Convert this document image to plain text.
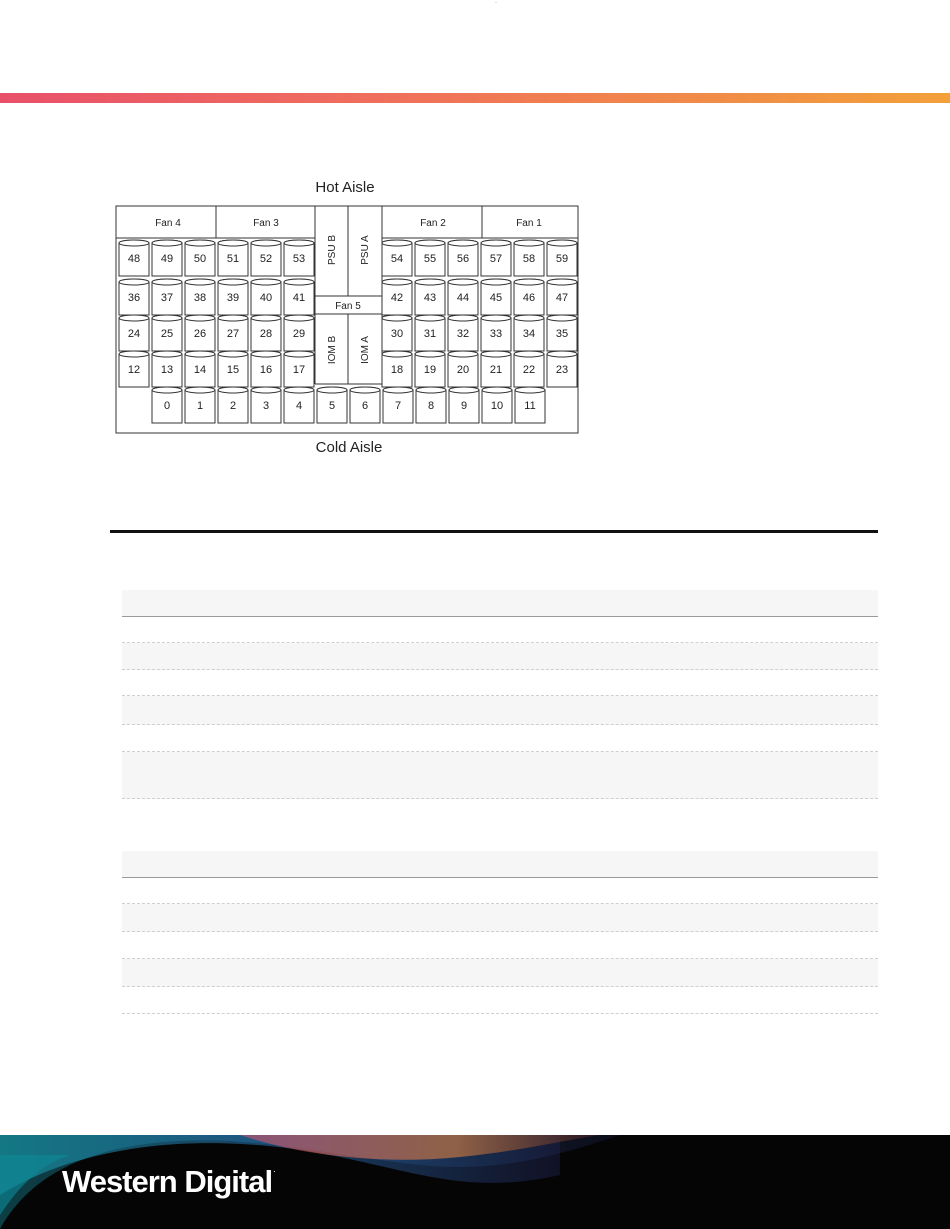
·
Hot Aisle
Cold Aisle
Fan 4	Fan 3	Fan 2	Fan 1
PSU B PSU A
Fan 5
IOM B IOM A
48 49 50 51 52 53	54 55 56 57 58 59
36 37 38 39 40 41	42 43 44 45 46 47
24 25 26 27 28 29	30 31 32 33 34 35
12 13 14 15 16 17	18 19 20 21 22 23
0 1 2 3 4 5 6 7 8 9 10 11
Western Digital.
